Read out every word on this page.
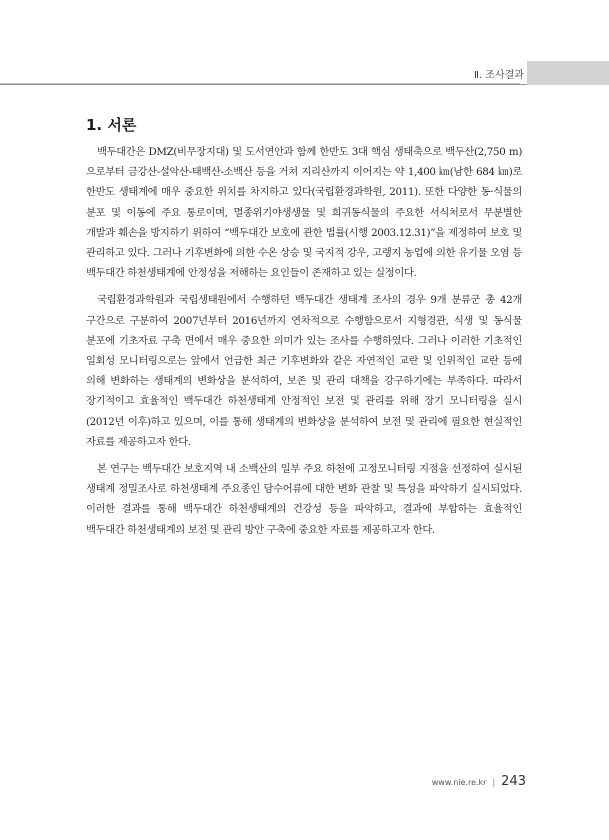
Ⅱ. 조사결과
1. 서론

백두대간은 DMZ(비무장지대) 및 도서연안과 함께 한반도 3대 핵심 생태축으로 백두산(2,750 m)으로부터 금강산-설악산-태백산-소백산 등을 거쳐 지리산까지 이어지는 약 1,400 ㎞(남한 684 ㎞)로 한반도 생태계에 매우 중요한 위치를 차지하고 있다(국립환경과학원, 2011). 또한 다양한 동·식물의 분포 및 이동에 주요 통로이며, 멸종위기야생생물 및 희귀동식물의 주요한 서식처로서 무분별한 개발과 훼손을 방지하기 위하여 “백두대간 보호에 관한 법률(시행 2003.12.31)”을 제정하여 보호 및 관리하고 있다. 그러나 기후변화에 의한 수온 상승 및 국지적 강우, 고랭지 농업에 의한 유기물 오염 등 백두대간 하천생태계에 안정성을 저해하는 요인들이 존재하고 있는 실정이다.

국립환경과학원과 국립생태원에서 수행하던 백두대간 생태계 조사의 경우 9개 분류군 총 42개 구간으로 구분하여 2007년부터 2016년까지 연차적으로 수행함으로서 지형경관, 식생 및 동식물 분포에 기초자료 구축 면에서 매우 중요한 의미가 있는 조사를 수행하였다. 그러나 이러한 기초적인 일회성 모니터링으로는 앞에서 언급한 최근 기후변화와 같은 자연적인 교란 및 인위적인 교란 등에 의해 변화하는 생태계의 변화상을 분석하여, 보존 및 관리 대책을 강구하기에는 부족하다. 따라서 장기적이고 효율적인 백두대간 하천생태계 안정적인 보전 및 관리를 위해 장기 모니터링을 실시(2012년 이후)하고 있으며, 이를 통해 생태계의 변화상을 분석하여 보전 및 관리에 필요한 현실적인 자료를 제공하고자 한다.

본 연구는 백두대간 보호지역 내 소백산의 일부 주요 하천에 고정모니터링 지점을 선정하여 실시된 생태계 정밀조사로 하천생태계 주요종인 담수어류에 대한 변화 관찰 및 특성을 파악하기 실시되었다. 이러한 결과를 통해 백두대간 하천생태계의 건강성 등을 파악하고, 결과에 부합하는 효율적인 백두대간 하천생태계의 보전 및 관리 방안 구축에 중요한 자료를 제공하고자 한다.

www.nie.re.kr | 243
